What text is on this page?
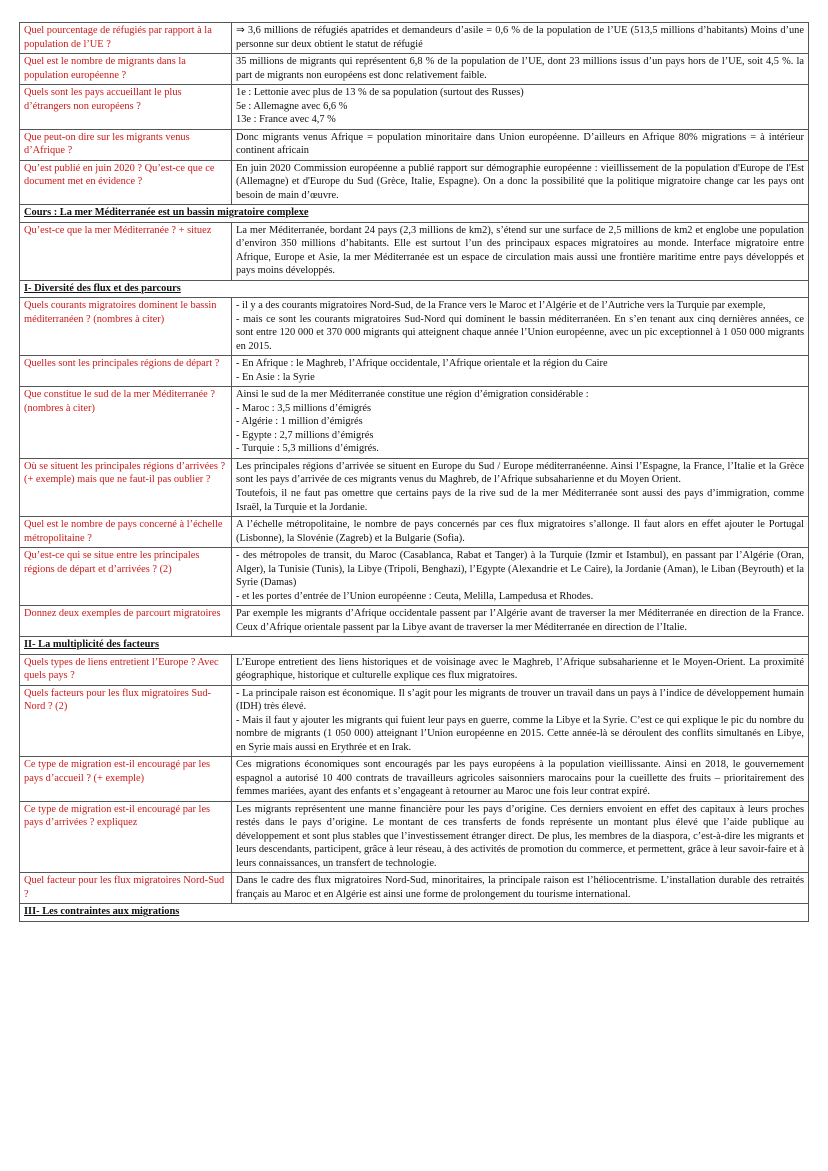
Quel pourcentage de réfugiés par rapport à la population de l’UE ?	⇒ 3,6 millions de réfugiés apatrides et demandeurs d’asile = 0,6 % de la population de l’UE (513,5 millions d’habitants) Moins d’une personne sur deux obtient le statut de réfugié

Quel est le nombre de migrants dans la population européenne ?	35 millions de migrants qui représentent 6,8 % de la population de l’UE, dont 23 millions issus d’un pays hors de l’UE, soit 4,5 %. la part de migrants non européens est donc relativement faible.

Quels sont les pays accueillant le plus d’étrangers non européens ?	1e : Lettonie avec plus de 13 % de sa population (surtout des Russes)
5e : Allemagne avec 6,6 %
13e : France avec 4,7 %

Que peut-on dire sur les migrants venus d’Afrique ?	Donc migrants venus Afrique = population minoritaire dans Union européenne. D’ailleurs en Afrique 80% migrations = à intérieur continent africain

Qu’est publié en juin 2020 ? Qu’est-ce que ce document met en évidence ?	En juin 2020 Commission européenne a publié rapport sur démographie européenne : vieillissement de la population d'Europe de l'Est (Allemagne) et d'Europe du Sud (Grèce, Italie, Espagne). On a donc la possibilité que la politique migratoire change car les pays ont besoin de main d’œuvre.

Cours : La mer Méditerranée est un bassin migratoire complexe	
Qu’est-ce que la mer Méditerranée ? + situez	La mer Méditerranée, bordant 24 pays (2,3 millions de km2), s’étend sur une surface de 2,5 millions de km2 et englobe une population d’environ 350 millions d’habitants. Elle est surtout l’un des principaux espaces migratoires au monde. Interface migratoire entre Afrique, Europe et Asie, la mer Méditerranée est un espace de circulation mais aussi une frontière maritime entre pays développés et pays moins développés.

I- Diversité des flux et des parcours	
Quels courants migratoires dominent le bassin méditerranéen ? (nombres à citer)	- il y a des courants migratoires Nord-Sud, de la France vers le Maroc et l’Algérie et de l’Autriche vers la Turquie par exemple,
- mais ce sont les courants migratoires Sud-Nord qui dominent le bassin méditerranéen. En s’en tenant aux cinq dernières années, ce sont entre 120 000 et 370 000 migrants qui atteignent chaque année l’Union européenne, avec un pic exceptionnel à 1 050 000 migrants en 2015.

Quelles sont les principales régions de départ ?	- En Afrique : le Maghreb, l’Afrique occidentale, l’Afrique orientale et la région du Caire
- En Asie : la Syrie

Que constitue le sud de la mer Méditerranée ? (nombres à citer)	Ainsi le sud de la mer Méditerranée constitue une région d’émigration considérable :
- Maroc : 3,5 millions d’émigrés
- Algérie : 1 million d’émigrés
- Egypte : 2,7 millions d’émigrés
- Turquie : 5,3 millions d’émigrés.

Où se situent les principales régions d’arrivées ? (+ exemple) mais que ne faut-il pas oublier ?	Les principales régions d’arrivée se situent en Europe du Sud / Europe méditerranéenne. Ainsi l’Espagne, la France, l’Italie et la Grèce sont les pays d’arrivée de ces migrants venus du Maghreb, de l’Afrique subsaharienne et du Moyen Orient.
Toutefois, il ne faut pas omettre que certains pays de la rive sud de la mer Méditerranée sont aussi des pays d’immigration, comme Israël, la Turquie et la Jordanie.

Quel est le nombre de pays concerné à l’échelle métropolitaine ?	A l’échelle métropolitaine, le nombre de pays concernés par ces flux migratoires s’allonge. Il faut alors en effet ajouter le Portugal (Lisbonne), la Slovénie (Zagreb) et la Bulgarie (Sofia).

Qu’est-ce qui se situe entre les principales régions de départ et d’arrivées ? (2)	- des métropoles de transit, du Maroc (Casablanca, Rabat et Tanger) à la Turquie (Izmir et Istambul), en passant par l’Algérie (Oran, Alger), la Tunisie (Tunis), la Libye (Tripoli, Benghazi), l’Egypte (Alexandrie et Le Caire), la Jordanie (Aman), le Liban (Beyrouth) et la Syrie (Damas)
- et les portes d’entrée de l’Union européenne : Ceuta, Melilla, Lampedusa et Rhodes.

Donnez deux exemples de parcourt migratoires	Par exemple les migrants d’Afrique occidentale passent par l’Algérie avant de traverser la mer Méditerranée en direction de la France. Ceux d’Afrique orientale passent par la Libye avant de traverser la mer Méditerranée en direction de l’Italie.

II- La multiplicité des facteurs	
Quels types de liens entretient l’Europe ? Avec quels pays ?	L’Europe entretient des liens historiques et de voisinage avec le Maghreb, l’Afrique subsaharienne et le Moyen-Orient. La proximité géographique, historique et culturelle explique ces flux migratoires.

Quels facteurs pour les flux migratoires Sud-Nord ? (2)	- La principale raison est économique. Il s’agit pour les migrants de trouver un travail dans un pays à l’indice de développement humain (IDH) très élevé.
- Mais il faut y ajouter les migrants qui fuient leur pays en guerre, comme la Libye et la Syrie. C’est ce qui explique le pic du nombre du nombre de migrants (1 050 000) atteignant l’Union européenne en 2015. Cette année-là se déroulent des conflits simultanés en Libye, en Syrie mais aussi en Erythrée et en Irak.

Ce type de migration est-il encouragé par les pays d’accueil ? (+ exemple)	Ces migrations économiques sont encouragés par les pays européens à la population vieillissante. Ainsi en 2018, le gouvernement espagnol a autorisé 10 400 contrats de travailleurs agricoles saisonniers marocains pour la cueillette des fruits – prioritairement des femmes mariées, ayant des enfants et s’engageant à retourner au Maroc une fois leur contrat expiré.

Ce type de migration est-il encouragé par les pays d’arrivées ? expliquez	Les migrants représentent une manne financière pour les pays d’origine. Ces derniers envoient en effet des capitaux à leurs proches restés dans le pays d’origine. Le montant de ces transferts de fonds représente un montant plus élevé que l’aide publique au développement et sont plus stables que l’investissement étranger direct. De plus, les membres de la diaspora, c’est-à-dire les migrants et leurs descendants, participent, grâce à leur réseau, à des activités de promotion du commerce, et permettent, grâce à leur savoir-faire et à leurs connaissances, un transfert de technologie.

Quel facteur pour les flux migratoires Nord-Sud ?	Dans le cadre des flux migratoires Nord-Sud, minoritaires, la principale raison est l’héliocentrisme. L’installation durable des retraités français au Maroc et en Algérie est ainsi une forme de prolongement du tourisme international.

III- Les contraintes aux migrations	
